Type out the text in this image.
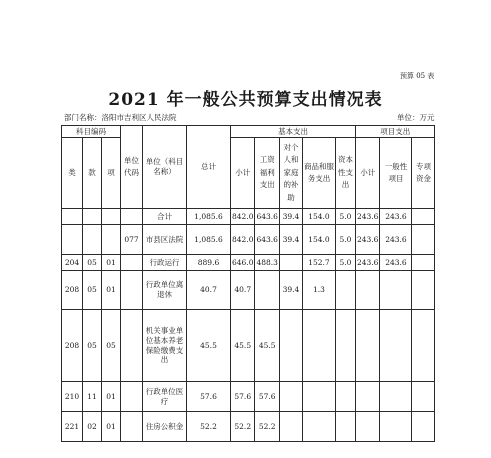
预算 05 表
2021 年一般公共预算支出情况表
部门名称：洛阳市吉利区人民法院	单位：万元
科目编码			单位代码	单位（科目名称）	总计	基本支出					项目支出		
类	款	项				小计	工资福利支出	对个人和家庭的补助	商品和服务支出	资本性支出	小计	一般性项目	专项资金
				合计	1,085.6	842.0	643.6	39.4	154.0	5.0	243.6	243.6	
			077	市县区法院	1,085.6	842.0	643.6	39.4	154.0	5.0	243.6	243.6	
204	05	01		行政运行	889.6	646.0	488.3		152.7	5.0	243.6	243.6	
208	05	01		行政单位离退休	40.7	40.7		39.4	1.3				
208	05	05		机关事业单位基本养老保险缴费支出	45.5	45.5	45.5						
210	11	01		行政单位医疗	57.6	57.6	57.6						
221	02	01		住房公积金	52.2	52.2	52.2						
